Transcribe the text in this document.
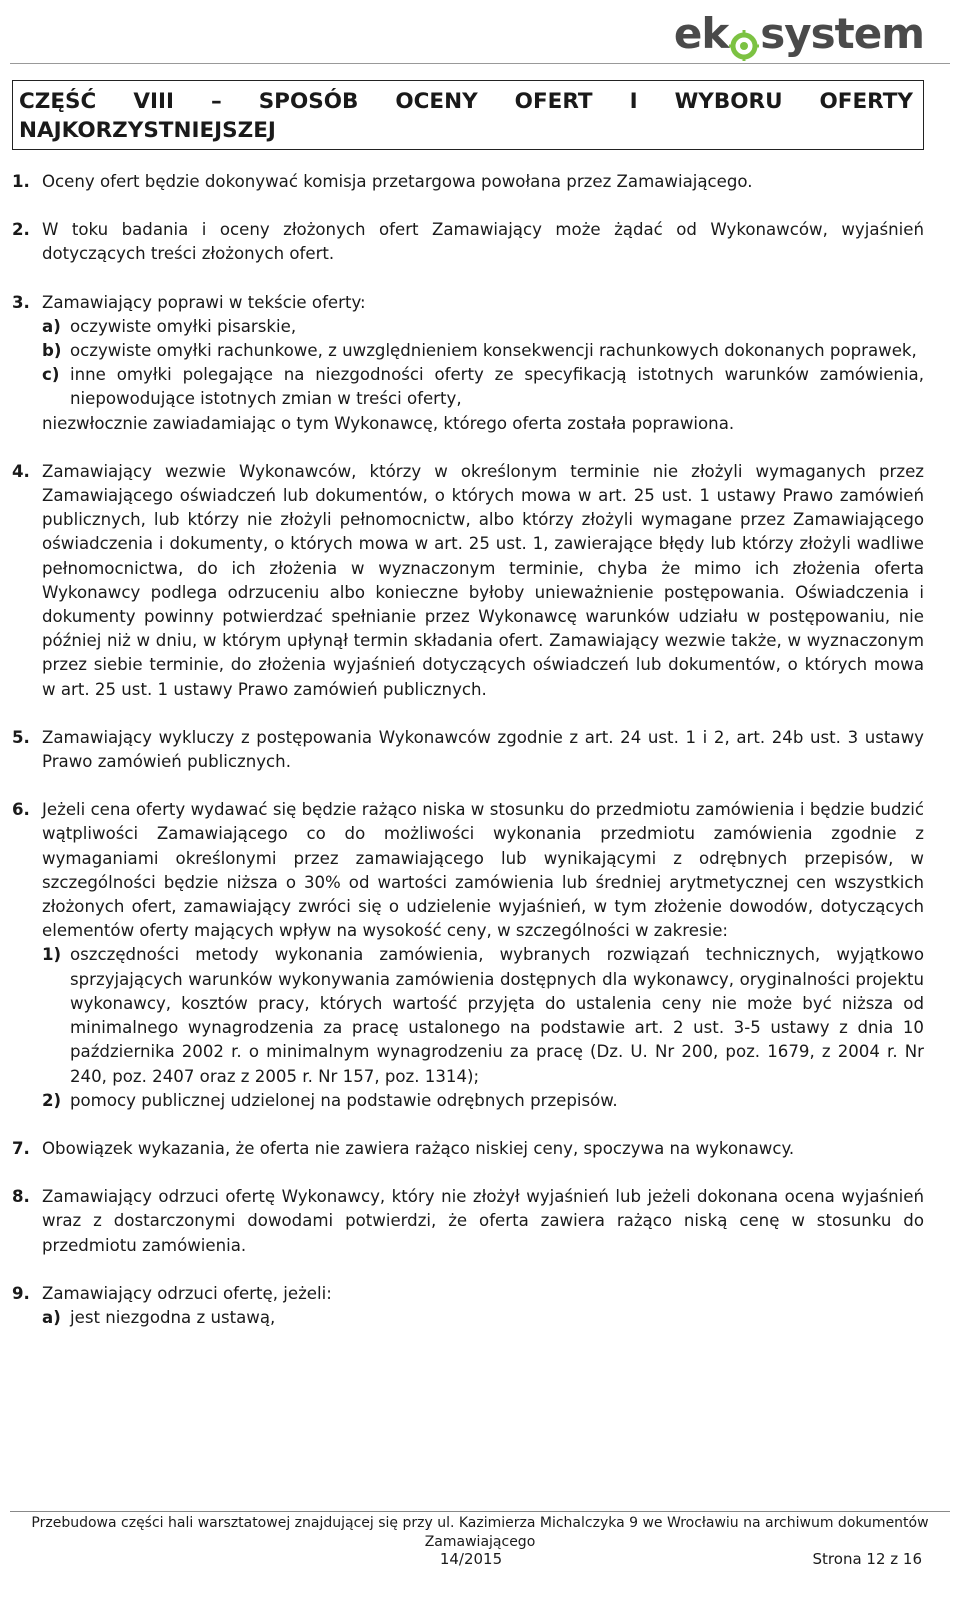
ek system
CZĘŚĆ VIII – SPOSÓB OCENY OFERT I WYBORU OFERTY NAJKORZYSTNIEJSZEJ
1. Oceny ofert będzie dokonywać komisja przetargowa powołana przez Zamawiającego.
2. W toku badania i oceny złożonych ofert Zamawiający może żądać od Wykonawców, wyjaśnień dotyczących treści złożonych ofert.
3. Zamawiający poprawi w tekście oferty:
a) oczywiste omyłki pisarskie,
b) oczywiste omyłki rachunkowe, z uwzględnieniem konsekwencji rachunkowych dokonanych poprawek,
c) inne omyłki polegające na niezgodności oferty ze specyfikacją istotnych warunków zamówienia, niepowodujące istotnych zmian w treści oferty,
niezwłocznie zawiadamiając o tym Wykonawcę, którego oferta została poprawiona.
4. Zamawiający wezwie Wykonawców, którzy w określonym terminie nie złożyli wymaganych przez Zamawiającego oświadczeń lub dokumentów, o których mowa w art. 25 ust. 1 ustawy Prawo zamówień publicznych, lub którzy nie złożyli pełnomocnictw, albo którzy złożyli wymagane przez Zamawiającego oświadczenia i dokumenty, o których mowa w art. 25 ust. 1, zawierające błędy lub którzy złożyli wadliwe pełnomocnictwa, do ich złożenia w wyznaczonym terminie, chyba że mimo ich złożenia oferta Wykonawcy podlega odrzuceniu albo konieczne byłoby unieważnienie postępowania. Oświadczenia i dokumenty powinny potwierdzać spełnianie przez Wykonawcę warunków udziału w postępowaniu, nie później niż w dniu, w którym upłynął termin składania ofert. Zamawiający wezwie także, w wyznaczonym przez siebie terminie, do złożenia wyjaśnień dotyczących oświadczeń lub dokumentów, o których mowa w art. 25 ust. 1 ustawy Prawo zamówień publicznych.
5. Zamawiający wykluczy z postępowania Wykonawców zgodnie z art. 24 ust. 1 i 2, art. 24b ust. 3 ustawy Prawo zamówień publicznych.
6. Jeżeli cena oferty wydawać się będzie rażąco niska w stosunku do przedmiotu zamówienia i będzie budzić wątpliwości Zamawiającego co do możliwości wykonania przedmiotu zamówienia zgodnie z wymaganiami określonymi przez zamawiającego lub wynikającymi z odrębnych przepisów, w szczególności będzie niższa o 30% od wartości zamówienia lub średniej arytmetycznej cen wszystkich złożonych ofert, zamawiający zwróci się o udzielenie wyjaśnień, w tym złożenie dowodów, dotyczących elementów oferty mających wpływ na wysokość ceny, w szczególności w zakresie:
1) oszczędności metody wykonania zamówienia, wybranych rozwiązań technicznych, wyjątkowo sprzyjających warunków wykonywania zamówienia dostępnych dla wykonawcy, oryginalności projektu wykonawcy, kosztów pracy, których wartość przyjęta do ustalenia ceny nie może być niższa od minimalnego wynagrodzenia za pracę ustalonego na podstawie art. 2 ust. 3-5 ustawy z dnia 10 października 2002 r. o minimalnym wynagrodzeniu za pracę (Dz. U. Nr 200, poz. 1679, z 2004 r. Nr 240, poz. 2407 oraz z 2005 r. Nr 157, poz. 1314);
2) pomocy publicznej udzielonej na podstawie odrębnych przepisów.
7. Obowiązek wykazania, że oferta nie zawiera rażąco niskiej ceny, spoczywa na wykonawcy.
8. Zamawiający odrzuci ofertę Wykonawcy, który nie złożył wyjaśnień lub jeżeli dokonana ocena wyjaśnień wraz z dostarczonymi dowodami potwierdzi, że oferta zawiera rażąco niską cenę w stosunku do przedmiotu zamówienia.
9. Zamawiający odrzuci ofertę, jeżeli:
a) jest niezgodna z ustawą,
Przebudowa części hali warsztatowej znajdującej się przy ul. Kazimierza Michalczyka 9 we Wrocławiu na archiwum dokumentów Zamawiającego
14/2015	Strona 12 z 16
